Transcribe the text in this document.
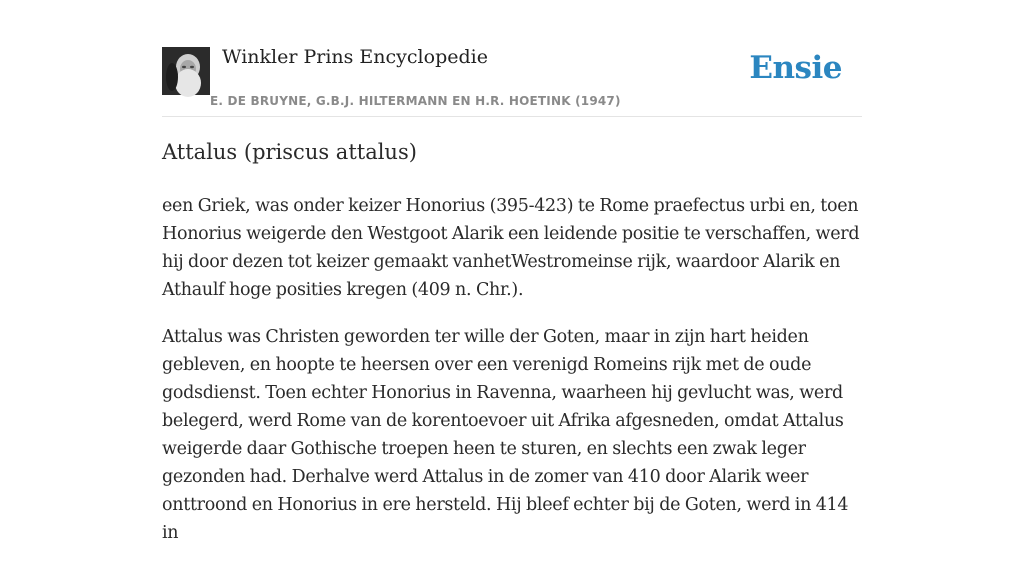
Winkler Prins Encyclopedie
E. DE BRUYNE, G.B.J. HILTERMANN EN H.R. HOETINK (1947)
Ensie
Attalus (priscus attalus)

een Griek, was onder keizer Honorius (395-423) te Rome praefectus urbi en, toen Honorius weigerde den Westgoot Alarik een leidende positie te verschaffen, werd hij door dezen tot keizer gemaakt vanhetWestromeinse rijk, waardoor Alarik en Athaulf hoge posities kregen (409 n. Chr.).

Attalus was Christen geworden ter wille der Goten, maar in zijn hart heiden gebleven, en hoopte te heersen over een verenigd Romeins rijk met de oude godsdienst. Toen echter Honorius in Ravenna, waarheen hij gevlucht was, werd belegerd, werd Rome van de korentoevoer uit Afrika afgesneden, omdat Attalus weigerde daar Gothische troepen heen te sturen, en slechts een zwak leger gezonden had. Derhalve werd Attalus in de zomer van 410 door Alarik weer onttroond en Honorius in ere hersteld. Hij bleef echter bij de Goten, werd in 414 in
